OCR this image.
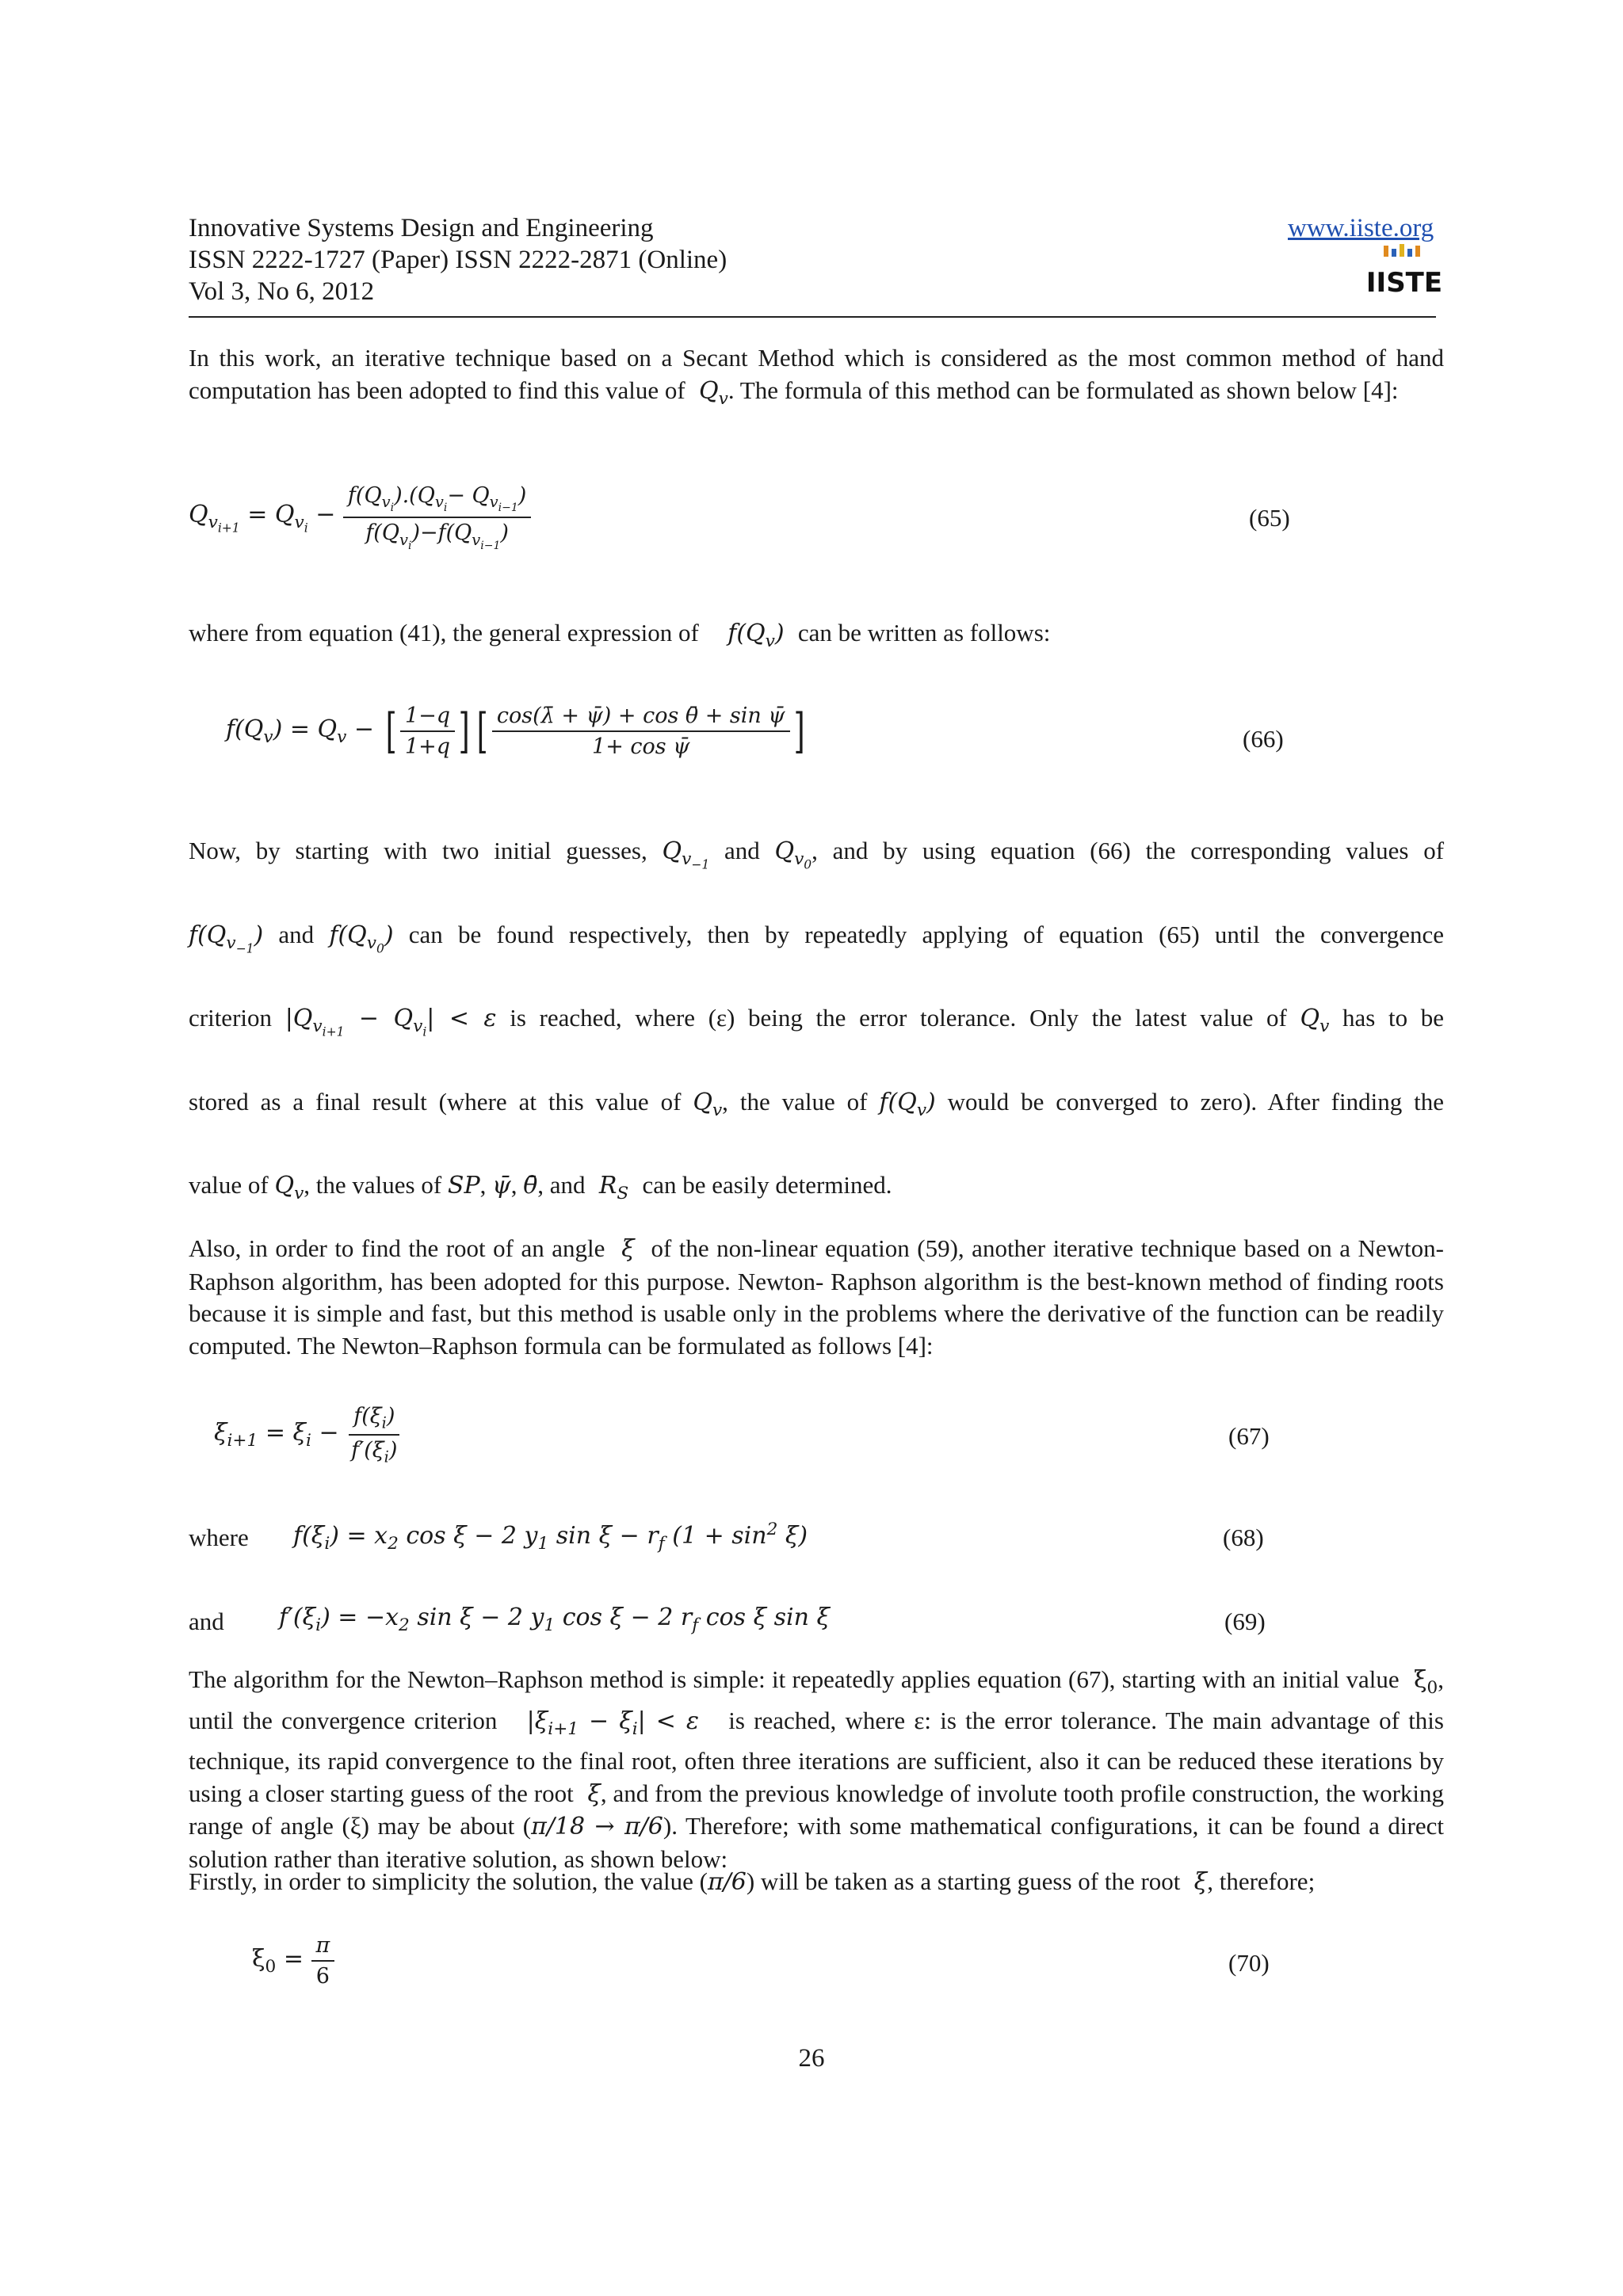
Innovative Systems Design and Engineering
ISSN 2222-1727 (Paper) ISSN 2222-2871 (Online)
Vol 3, No 6, 2012
www.iiste.org
IISTE
In this work, an iterative technique based on a Secant Method which is considered as the most common method of hand computation has been adopted to find this value of  $Q_v$. The formula of this method can be formulated as shown below [4]:
$Q_{v_{i+1}} = Q_{v_i} - \frac{f(Q_{v_i}).(Q_{v_i}- Q_{v_{i-1}})}{f(Q_{v_i})-f(Q_{v_{i-1}})}$	(65)
where from equation (41), the general expression of    $f(Q_v)$  can be written as follows:
$f(Q_v) = Q_v$ − [ $\frac{1-q}{1+q}$ ] [ $\frac{\text{cos(λ̄ + ψ̄) + cos θ̄ + sin ψ̄}}{\text{1+ cos ψ̄}}$ ]	(66)
Now, by starting with two initial guesses, $Q_{v_{-1}}$ and $Q_{v_0}$, and by using equation (66) the corresponding values of
$f(Q_{v_{-1}})$ and $f(Q_{v_0})$ can be found respectively, then by repeatedly applying of equation (65) until the convergence
criterion $|Q_{v_{i+1}} - Q_{v_i}| < \varepsilon$ is reached, where (ε) being the error tolerance. Only the latest value of $Q_v$ has to be
stored as a final result (where at this value of $Q_v$, the value of $f(Q_v)$ would be converged to zero). After finding the
value of $Q_v$, the values of SP, ψ̄, θ̄, and  $R_S$ can be easily determined.
Also, in order to find the root of an angle  ξ  of the non-linear equation (59), another iterative technique based on a Newton- Raphson algorithm, has been adopted for this purpose. Newton- Raphson algorithm is the best-known method of finding roots because it is simple and fast, but this method is usable only in the problems where the derivative of the function can be readily computed. The Newton–Raphson formula can be formulated as follows [4]:
$\xi_{i+1} = \xi_i - \frac{f(\xi_i)}{f'(\xi_i)}$	(67)
where $f(\xi_i) = x_2$ cos ξ − 2 $y_1$ $\sin \xi - r_f$ $(1 + \sin^2 \xi)$	(68)
and $f'(\xi_i) = -x_2$ sin ξ − 2 $y_1$ cos ξ − 2 $r_f$ cos ξ sin ξ	(69)
The algorithm for the Newton–Raphson method is simple: it repeatedly applies equation (67), starting with an initial value  $\xi_0$, until the convergence criterion   $|\xi_{i+1} - \xi_i| < \varepsilon$   is reached, where ε: is the error tolerance. The main advantage of this technique, its rapid convergence to the final root, often three iterations are sufficient, also it can be reduced these iterations by using a closer starting guess of the root  ξ, and from the previous knowledge of involute tooth profile construction, the working range of angle (ξ) may be about (π/18 → π/6). Therefore; with some mathematical configurations, it can be found a direct solution rather than iterative solution, as shown below:
Firstly, in order to simplicity the solution, the value (π/6) will be taken as a starting guess of the root  ξ, therefore;
$\xi_0 = \frac{\pi}{6}$	(70)
26
